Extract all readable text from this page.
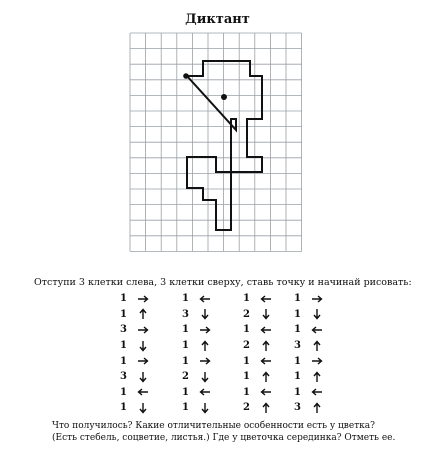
Диктант
Отступи 3 клетки слева, 3 клетки сверху, ставь точку и начинай рисовать:
1
1
3
1
1
3
1
1
1
3
1
1
1
2
1
1
1
2
1
2
1
1
1
2
1
1
1
3
1
1
1
3
Что получилось? Какие отличительные особенности есть у цветка?
(Есть стебель, соцветие, листья.) Где у цветочка серединка? Отметь ее.
